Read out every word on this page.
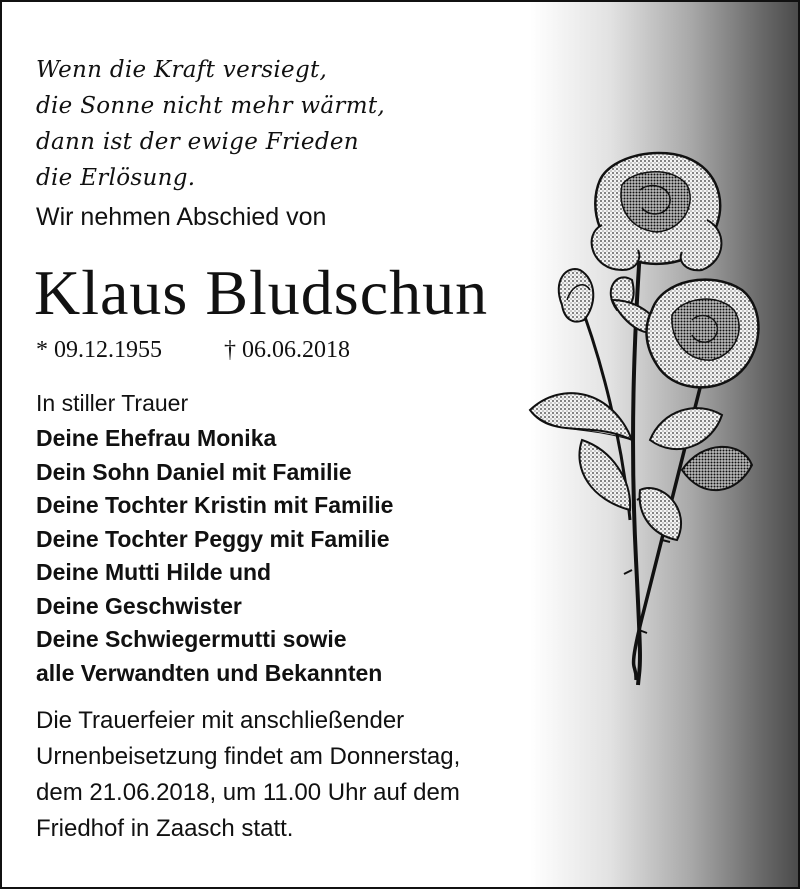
Wenn die Kraft versiegt,
die Sonne nicht mehr wärmt,
dann ist der ewige Frieden
die Erlösung.
Wir nehmen Abschied von
Klaus Bludschun
* 09.12.1955	† 06.06.2018
In stiller Trauer
Deine Ehefrau Monika
Dein Sohn Daniel mit Familie
Deine Tochter Kristin mit Familie
Deine Tochter Peggy mit Familie
Deine Mutti Hilde und
Deine Geschwister
Deine Schwiegermutti sowie
alle Verwandten und Bekannten
Die Trauerfeier mit anschließender
Urnenbeisetzung findet am Donnerstag,
dem 21.06.2018, um 11.00 Uhr auf dem
Friedhof in Zaasch statt.
